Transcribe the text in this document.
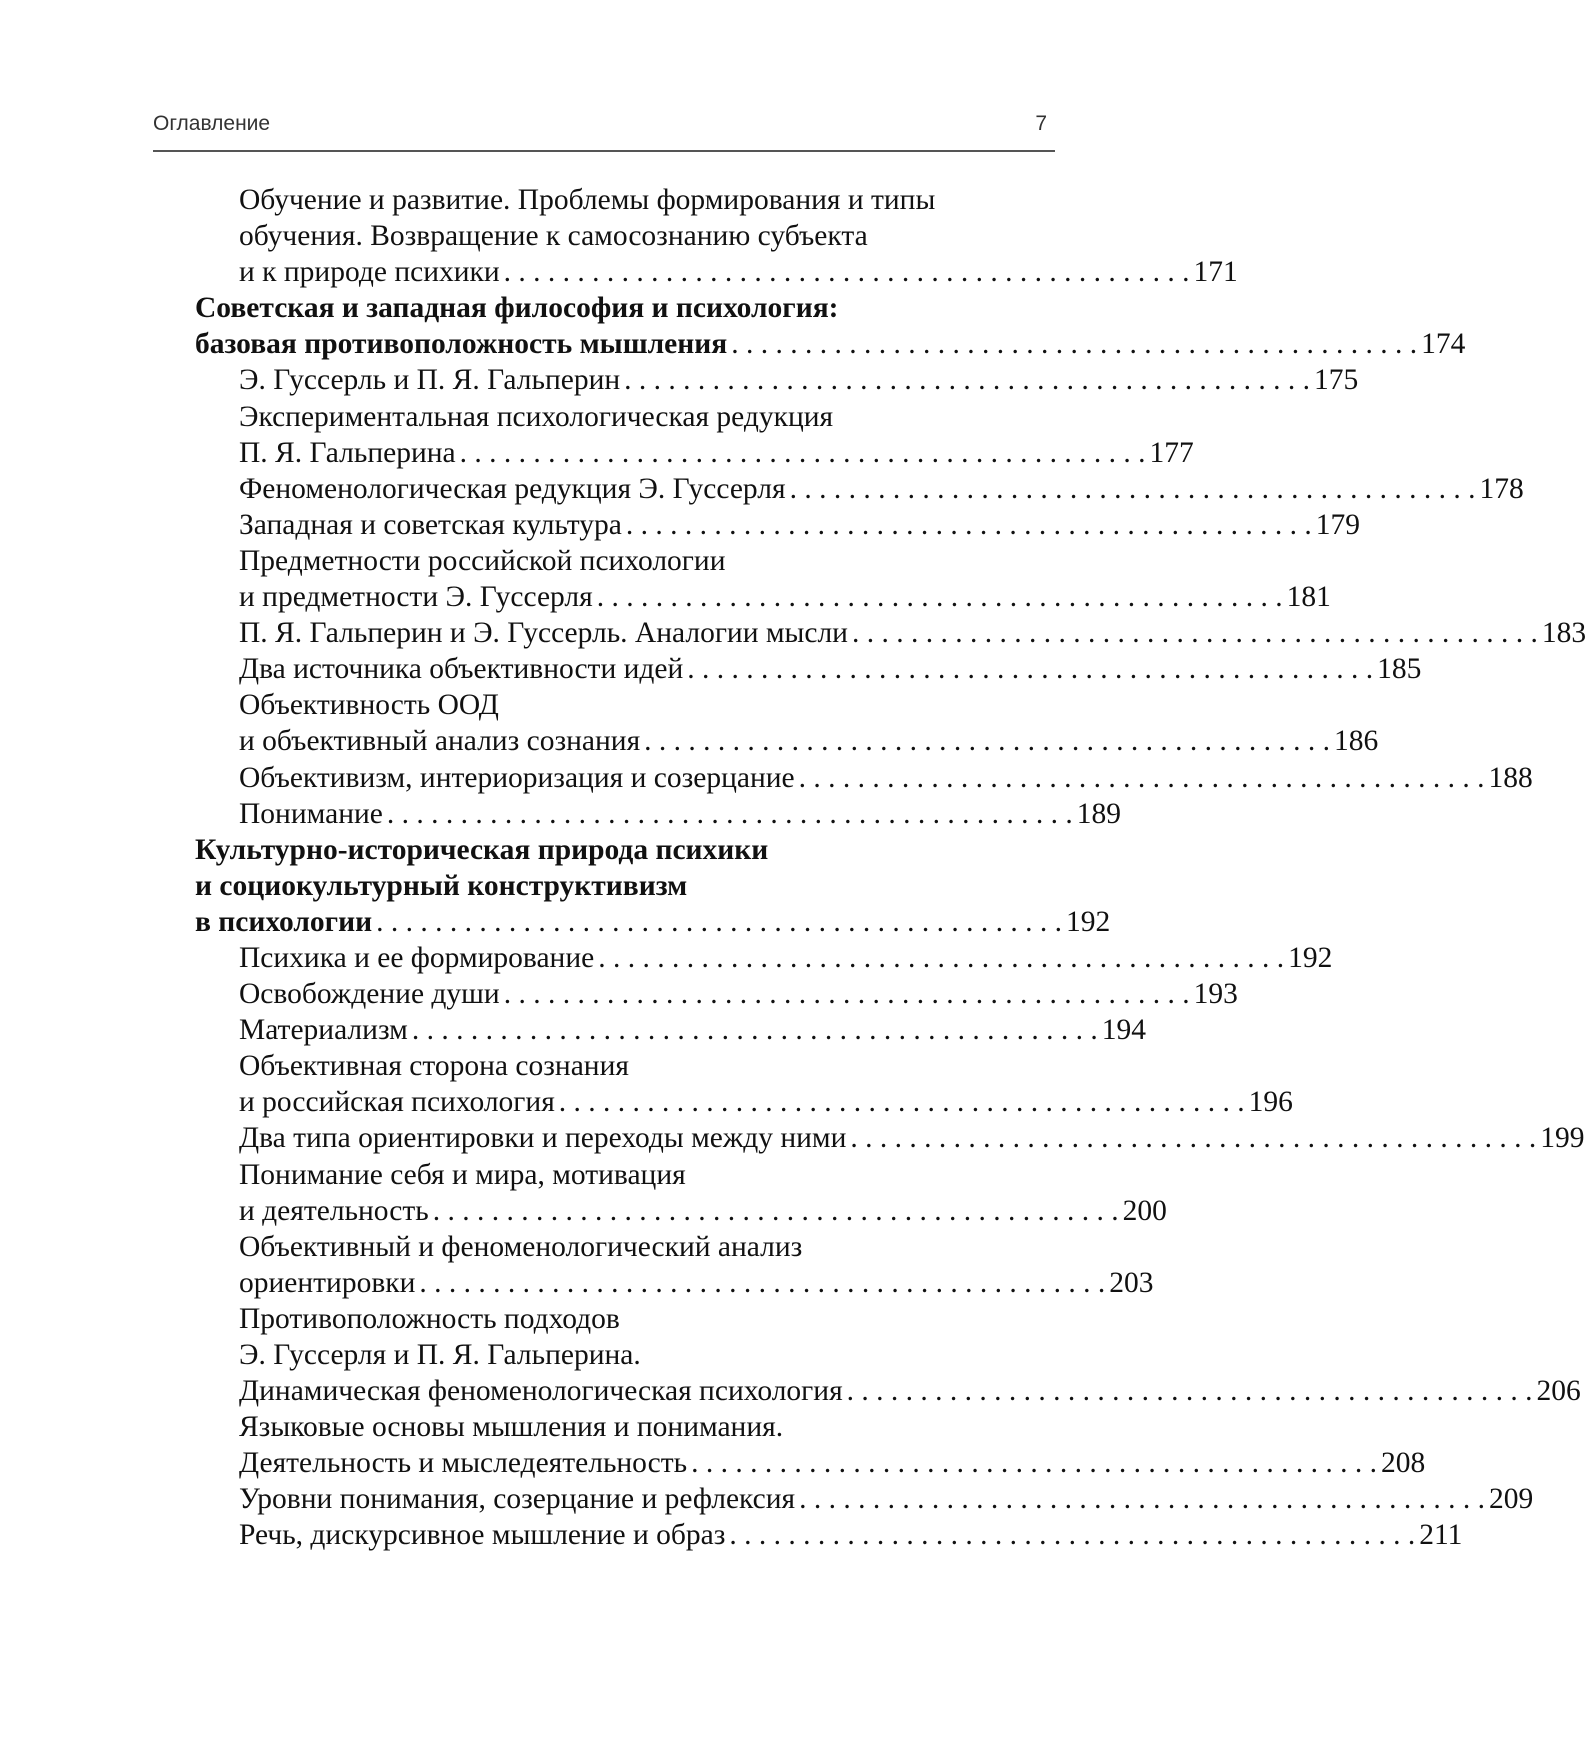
Оглавление	7
Обучение и развитие. Проблемы формирования и типы
обучения. Возвращение к самосознанию субъекта
и к природе психики . . . . . . . . . . . . . . . . . . . . . . . . . . . . . . . . . . . . . . . . . . . . . . . 171
Советская и западная философия и психология:
базовая противоположность мышления . . . . . . . . . . . . . . . . . . . . . . . . . . . . . . . . . . . . . . . . . . . . . . . 174
Э. Гуссерль и П. Я. Гальперин . . . . . . . . . . . . . . . . . . . . . . . . . . . . . . . . . . . . . . . . . . . . . . . 175
Экспериментальная психологическая редукция
П. Я. Гальперина . . . . . . . . . . . . . . . . . . . . . . . . . . . . . . . . . . . . . . . . . . . . . . . 177
Феноменологическая редукция Э. Гуссерля . . . . . . . . . . . . . . . . . . . . . . . . . . . . . . . . . . . . . . . . . . . . . . . 178
Западная и советская культура . . . . . . . . . . . . . . . . . . . . . . . . . . . . . . . . . . . . . . . . . . . . . . . 179
Предметности российской психологии
и предметности Э. Гуссерля . . . . . . . . . . . . . . . . . . . . . . . . . . . . . . . . . . . . . . . . . . . . . . . 181
П. Я. Гальперин и Э. Гуссерль. Аналогии мысли . . . . . . . . . . . . . . . . . . . . . . . . . . . . . . . . . . . . . . . . . . . . . . . 183
Два источника объективности идей . . . . . . . . . . . . . . . . . . . . . . . . . . . . . . . . . . . . . . . . . . . . . . . 185
Объективность ООД
и объективный анализ сознания . . . . . . . . . . . . . . . . . . . . . . . . . . . . . . . . . . . . . . . . . . . . . . . 186
Объективизм, интериоризация и созерцание . . . . . . . . . . . . . . . . . . . . . . . . . . . . . . . . . . . . . . . . . . . . . . . 188
Понимание . . . . . . . . . . . . . . . . . . . . . . . . . . . . . . . . . . . . . . . . . . . . . . . 189
Культурно-историческая природа психики
и социокультурный конструктивизм
в психологии . . . . . . . . . . . . . . . . . . . . . . . . . . . . . . . . . . . . . . . . . . . . . . . 192
Психика и ее формирование . . . . . . . . . . . . . . . . . . . . . . . . . . . . . . . . . . . . . . . . . . . . . . . 192
Освобождение души . . . . . . . . . . . . . . . . . . . . . . . . . . . . . . . . . . . . . . . . . . . . . . . 193
Материализм . . . . . . . . . . . . . . . . . . . . . . . . . . . . . . . . . . . . . . . . . . . . . . . 194
Объективная сторона сознания
и российская психология . . . . . . . . . . . . . . . . . . . . . . . . . . . . . . . . . . . . . . . . . . . . . . . 196
Два типа ориентировки и переходы между ними . . . . . . . . . . . . . . . . . . . . . . . . . . . . . . . . . . . . . . . . . . . . . . . 199
Понимание себя и мира, мотивация
и деятельность . . . . . . . . . . . . . . . . . . . . . . . . . . . . . . . . . . . . . . . . . . . . . . . 200
Объективный и феноменологический анализ
ориентировки . . . . . . . . . . . . . . . . . . . . . . . . . . . . . . . . . . . . . . . . . . . . . . . 203
Противоположность подходов
Э. Гуссерля и П. Я. Гальперина.
Динамическая феноменологическая психология . . . . . . . . . . . . . . . . . . . . . . . . . . . . . . . . . . . . . . . . . . . . . . . 206
Языковые основы мышления и понимания.
Деятельность и мыследеятельность . . . . . . . . . . . . . . . . . . . . . . . . . . . . . . . . . . . . . . . . . . . . . . . 208
Уровни понимания, созерцание и рефлексия . . . . . . . . . . . . . . . . . . . . . . . . . . . . . . . . . . . . . . . . . . . . . . . 209
Речь, дискурсивное мышление и образ . . . . . . . . . . . . . . . . . . . . . . . . . . . . . . . . . . . . . . . . . . . . . . . 211
